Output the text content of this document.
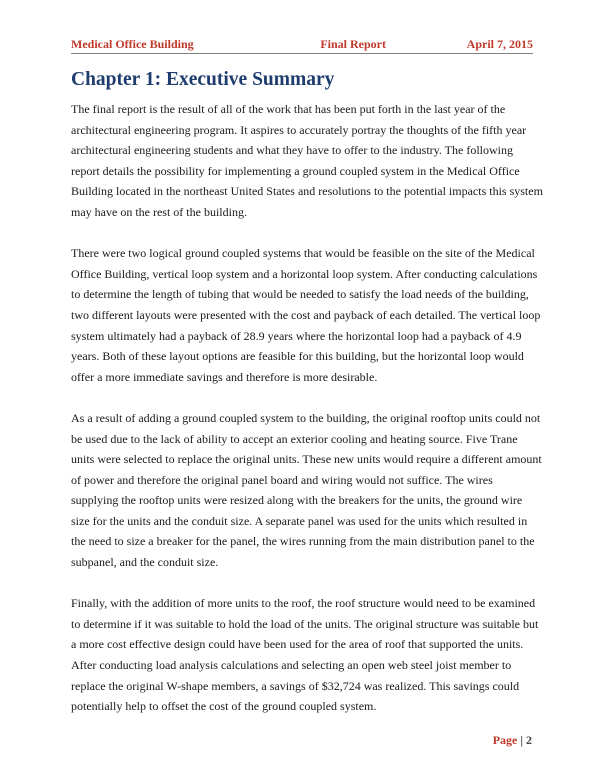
Medical Office Building	Final Report	April 7, 2015
Chapter 1: Executive Summary

The final report is the result of all of the work that has been put forth in the last year of the architectural engineering program. It aspires to accurately portray the thoughts of the fifth year architectural engineering students and what they have to offer to the industry. The following report details the possibility for implementing a ground coupled system in the Medical Office Building located in the northeast United States and resolutions to the potential impacts this system may have on the rest of the building.

There were two logical ground coupled systems that would be feasible on the site of the Medical Office Building, vertical loop system and a horizontal loop system. After conducting calculations to determine the length of tubing that would be needed to satisfy the load needs of the building, two different layouts were presented with the cost and payback of each detailed. The vertical loop system ultimately had a payback of 28.9 years where the horizontal loop had a payback of 4.9 years. Both of these layout options are feasible for this building, but the horizontal loop would offer a more immediate savings and therefore is more desirable.

As a result of adding a ground coupled system to the building, the original rooftop units could not be used due to the lack of ability to accept an exterior cooling and heating source. Five Trane units were selected to replace the original units. These new units would require a different amount of power and therefore the original panel board and wiring would not suffice. The wires supplying the rooftop units were resized along with the breakers for the units, the ground wire size for the units and the conduit size. A separate panel was used for the units which resulted in the need to size a breaker for the panel, the wires running from the main distribution panel to the subpanel, and the conduit size.

Finally, with the addition of more units to the roof, the roof structure would need to be examined to determine if it was suitable to hold the load of the units. The original structure was suitable but a more cost effective design could have been used for the area of roof that supported the units. After conducting load analysis calculations and selecting an open web steel joist member to replace the original W-shape members, a savings of $32,724 was realized. This savings could potentially help to offset the cost of the ground coupled system.

Page | 2
